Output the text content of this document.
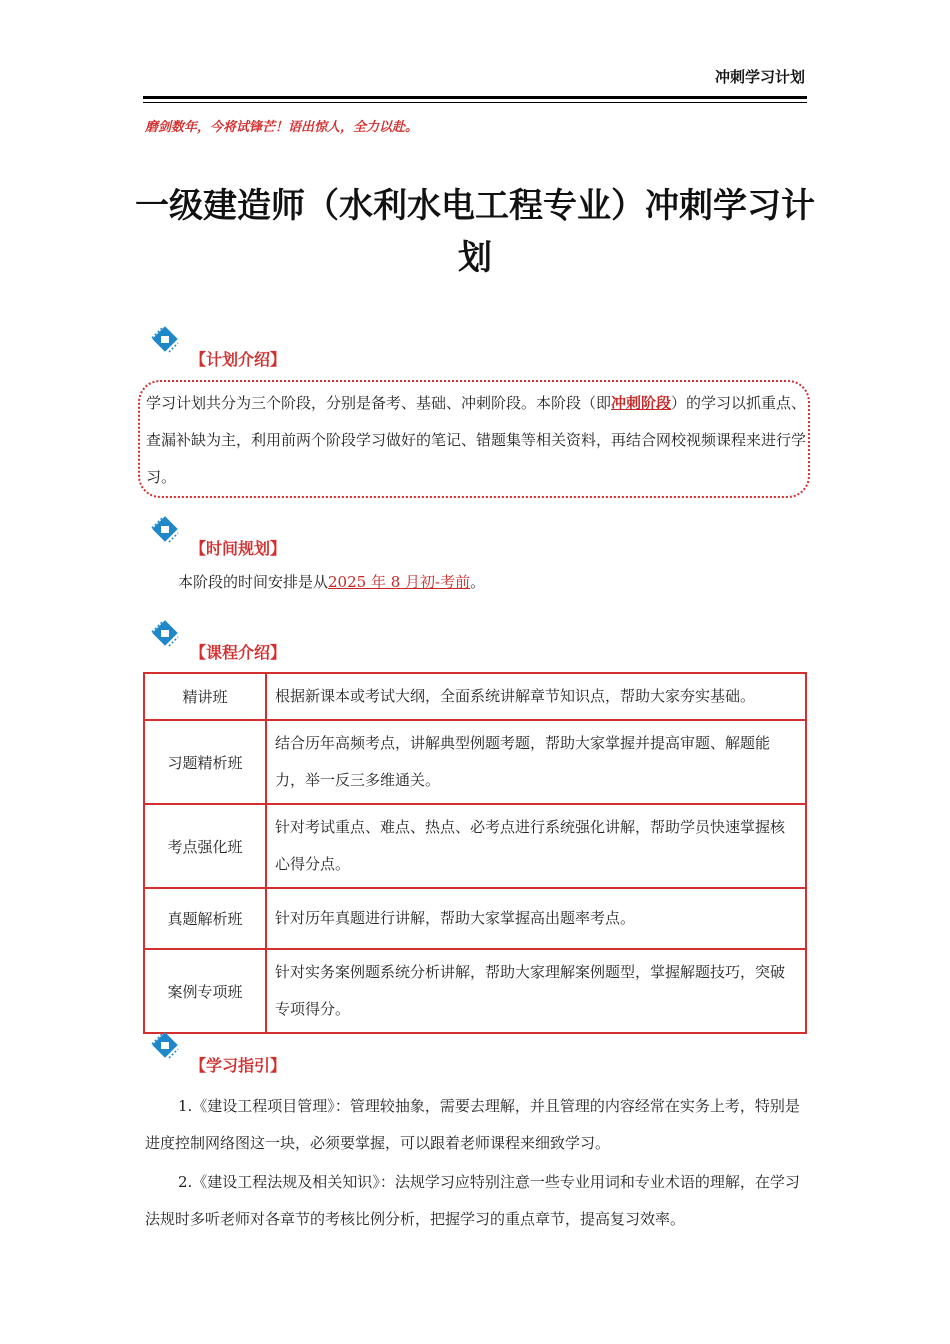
冲刺学习计划
磨剑数年，今将试锋芒！语出惊人，全力以赴。
一级建造师（水利水电工程专业）冲刺学习计划
【计划介绍】
学习计划共分为三个阶段，分别是备考、基础、冲刺阶段。本阶段（即冲刺阶段）的学习以抓重点、查漏补缺为主，利用前两个阶段学习做好的笔记、错题集等相关资料，再结合网校视频课程来进行学习。
【时间规划】
本阶段的时间安排是从2025 年 8 月初-考前。
【课程介绍】
精讲班	根据新课本或考试大纲，全面系统讲解章节知识点，帮助大家夯实基础。
习题精析班	结合历年高频考点，讲解典型例题考题，帮助大家掌握并提高审题、解题能力，举一反三多维通关。
考点强化班	针对考试重点、难点、热点、必考点进行系统强化讲解，帮助学员快速掌握核心得分点。
真题解析班	针对历年真题进行讲解，帮助大家掌握高出题率考点。
案例专项班	针对实务案例题系统分析讲解，帮助大家理解案例题型，掌握解题技巧，突破专项得分。
【学习指引】
1.《建设工程项目管理》：管理较抽象，需要去理解，并且管理的内容经常在实务上考，特别是进度控制网络图这一块，必须要掌握，可以跟着老师课程来细致学习。
2.《建设工程法规及相关知识》：法规学习应特别注意一些专业用词和专业术语的理解，在学习法规时多听老师对各章节的考核比例分析，把握学习的重点章节，提高复习效率。
